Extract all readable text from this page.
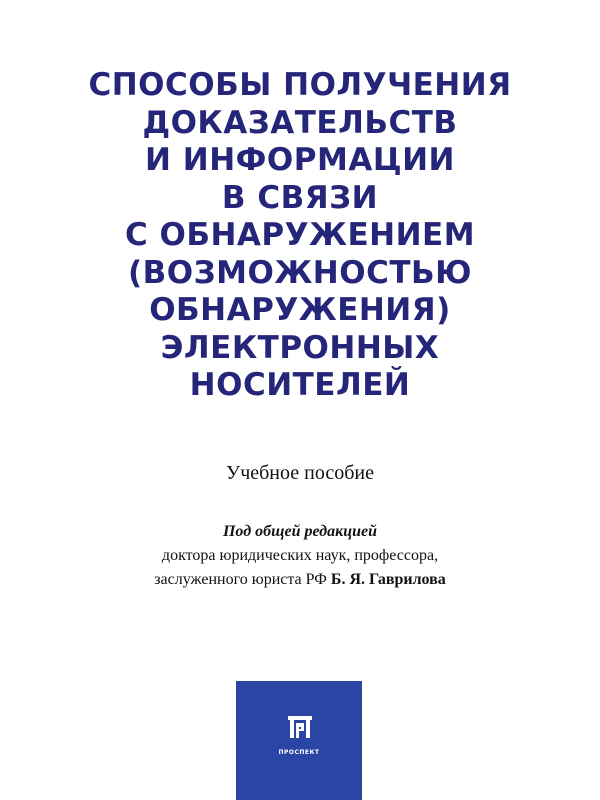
СПОСОБЫ ПОЛУЧЕНИЯ
ДОКАЗАТЕЛЬСТВ
И ИНФОРМАЦИИ
В СВЯЗИ
С ОБНАРУЖЕНИЕМ
(ВОЗМОЖНОСТЬЮ
ОБНАРУЖЕНИЯ)
ЭЛЕКТРОННЫХ
НОСИТЕЛЕЙ
Учебное пособие
Под общей редакцией
доктора юридических наук, профессора,
заслуженного юриста РФ Б. Я. Гаврилова
ПРОСПЕКТ
